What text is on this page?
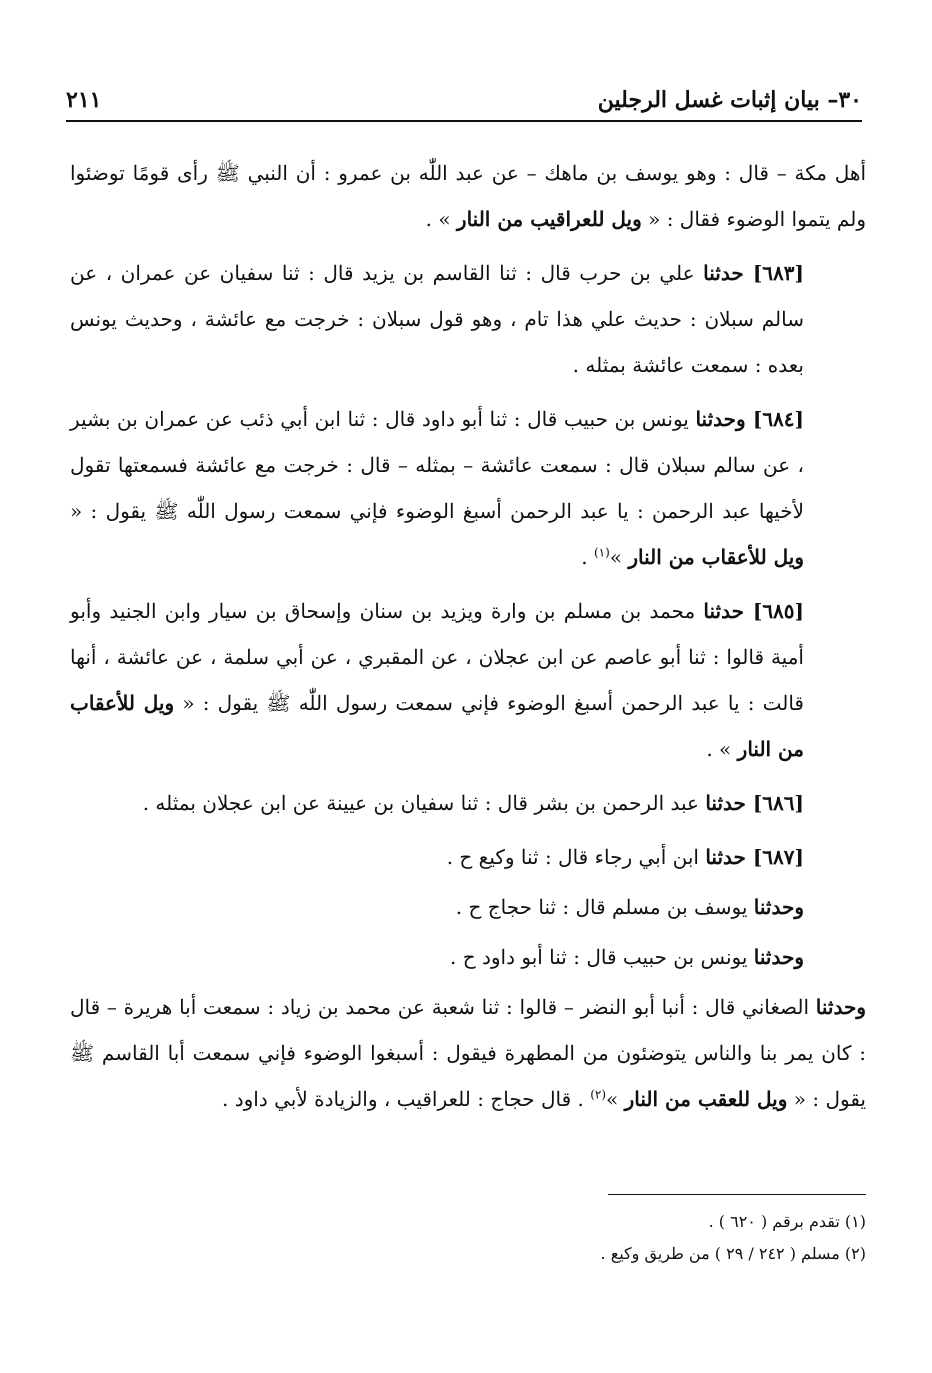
٣٠– بيان إثبات غسل الرجلين
٢١١

أهل مكة – قال : وهو يوسف بن ماهك – عن عبد اللّٰه بن عمرو : أن النبي ﷺ رأى قومًا توضئوا ولم يتموا الوضوء فقال : « ويل للعراقيب من النار » .

[٦٨٣] حدثنا علي بن حرب قال : ثنا القاسم بن يزيد قال : ثنا سفيان عن عمران ، عن سالم سبلان : حديث علي هذا تام ، وهو قول سبلان : خرجت مع عائشة ، وحديث يونس بعده : سمعت عائشة بمثله .

[٦٨٤] وحدثنا يونس بن حبيب قال : ثنا أبو داود قال : ثنا ابن أبي ذئب عن عمران بن بشير ، عن سالم سبلان قال : سمعت عائشة – بمثله – قال : خرجت مع عائشة فسمعتها تقول لأخيها عبد الرحمن : يا عبد الرحمن أسبغ الوضوء فإني سمعت رسول اللّٰه ﷺ يقول : « ويل للأعقاب من النار »$^{(١)}$ .

[٦٨٥] حدثنا محمد بن مسلم بن وارة ويزيد بن سنان وإسحاق بن سيار وابن الجنيد وأبو أمية قالوا : ثنا أبو عاصم عن ابن عجلان ، عن المقبري ، عن أبي سلمة ، عن عائشة ، أنها قالت : يا عبد الرحمن أسبغ الوضوء فإني سمعت رسول اللّٰه ﷺ يقول : « ويل للأعقاب من النار » .

[٦٨٦] حدثنا عبد الرحمن بن بشر قال : ثنا سفيان بن عيينة عن ابن عجلان بمثله .

[٦٨٧] حدثنا ابن أبي رجاء قال : ثنا وكيع ح .

وحدثنا يوسف بن مسلم قال : ثنا حجاج ح .

وحدثنا يونس بن حبيب قال : ثنا أبو داود ح .

وحدثنا الصغاني قال : أنبا أبو النضر – قالوا : ثنا شعبة عن محمد بن زياد : سمعت أبا هريرة – قال : كان يمر بنا والناس يتوضئون من المطهرة فيقول : أسبغوا الوضوء فإني سمعت أبا القاسم ﷺ يقول : « ويل للعقب من النار »$^{(٢)}$ . قال حجاج : للعراقيب ، والزيادة لأبي داود .

(١) تقدم برقم ( ٦٢٠ ) .
(٢) مسلم ( ٢٤٢ / ٢٩ ) من طريق وكيع .
